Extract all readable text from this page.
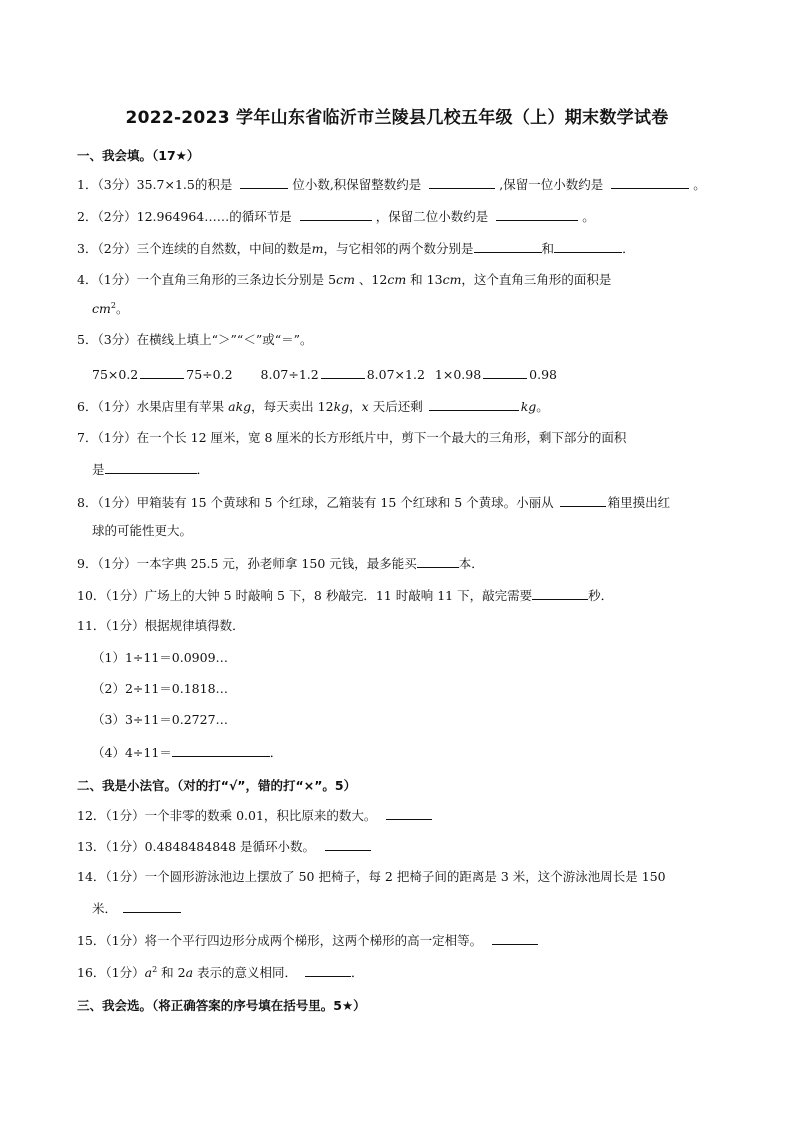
2022-2023 学年山东省临沂市兰陵县几校五年级（上）期末数学试卷
一、我会填。（17★）
1．（3分）35.7×1.5的积是	位小数,积保留整数约是	,保留一位小数约是	。
2．（2分）12.964964……的循环节是	，保留二位小数约是	。
3．（2分）三个连续的自然数，中间的数是m，与它相邻的两个数分别是	和	．
4．（1分）一个直角三角形的三条边长分别是 5cm 、12cm 和 13cm，这个直角三角形的面积是
$cm^2$。
5．（3分）在横线上填上“＞”“＜”或“＝”。
75×0.2	75÷0.2 8.07÷1.2	8.07×1.2 1×0.98	0.98
6．（1分）水果店里有苹果 akg，每天卖出 12kg，x 天后还剩	kg。
7．（1分）在一个长 12 厘米，宽 8 厘米的长方形纸片中，剪下一个最大的三角形，剩下部分的面积
是	．
8．（1分）甲箱装有 15 个黄球和 5 个红球，乙箱装有 15 个红球和 5 个黄球。小丽从	箱里摸出红
球的可能性更大。
9．（1分）一本字典 25.5 元，孙老师拿 150 元钱，最多能买	本．
10．（1分）广场上的大钟 5 时敲响 5 下，8 秒敲完．11 时敲响 11 下，敲完需要	秒．
11．（1分）根据规律填得数．
（1）1÷11＝0.0909…
（2）2÷11＝0.1818…
（3）3÷11＝0.2727…
（4）4÷11＝	．
二、我是小法官。（对的打“√”，错的打“×”。5）
12．（1分）一个非零的数乘 0.01，积比原来的数大。
13．（1分）0.4848484848 是循环小数。
14．（1分）一个圆形游泳池边上摆放了 50 把椅子，每 2 把椅子间的距离是 3 米，这个游泳池周长是 150
米．
15．（1分）将一个平行四边形分成两个梯形，这两个梯形的高一定相等。
16．（1分）$a^2$ 和 2a 表示的意义相同．	．
三、我会选。（将正确答案的序号填在括号里。5★）
